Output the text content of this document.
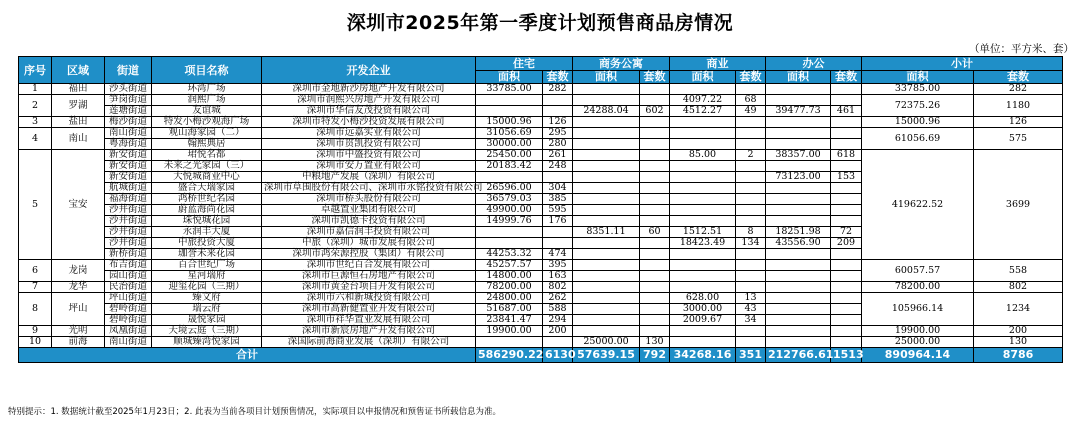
深圳市2025年第一季度计划预售商品房情况
（单位：平方米、套）
序号	区域	街道	项目名称	开发企业	住宅		商务公寓		商业		办公		小计	
					面积	套数	面积	套数	面积	套数	面积	套数	面积	套数
1	福田	沙头街道	环湾广场	深圳市金地新沙房地产开发有限公司	33785.00	282							33785.00	282
2	罗湖	笋岗街道	润熙广场	深圳市润熙兴房地产开发有限公司					4097.22	68			72375.26	1180
		莲塘街道	友谊城	深圳市华信友茂投资有限公司			24288.04	602	4512.27	49	39477.73	461		
3	盐田	梅沙街道	特发小梅沙观海广场	深圳市特发小梅沙投资发展有限公司	15000.96	126							15000.96	126
4	南山	南山街道	观山海家园（二）	深圳市远嘉实业有限公司	31056.69	295							61056.69	575
		粤海街道	翰熙典居	深圳市贯凯投资有限公司	30000.00	280								
5	宝安	新安街道	珺悦名都	深圳市中盛投资有限公司	25450.00	261			85.00	2	38357.00	618	419622.52	3699
		新安街道	未来之光家园（三）	深圳市安万置业有限公司	20183.42	248								
		新安街道	大悦城商业中心	中粮地产发展（深圳）有限公司							73123.00	153		
		航城街道	盛合天瑞家园	深圳市草围股份有限公司、深圳市永铭投资有限公司	26596.00	304								
		福海街道	鸿桥世纪名园	深圳市桥头股份有限公司	36579.03	385								
		沙井街道	蔚蓝海尚花园	卓越置业集团有限公司	49900.00	595								
		沙井街道	珠悦城花园	深圳市凯德卡投资有限公司	14999.76	176								
		沙井街道	永润丰大厦	深圳市嘉信润丰投资有限公司			8351.11	60	1512.51	8	18251.98	72		
		沙井街道	中旅投资大厦	中旅（深圳）城市发展有限公司					18423.49	134	43556.90	209		
		新桥街道	珈誉未来花园	深圳市鸿荣源控股（集团）有限公司	44253.32	474								
6	龙岗	布吉街道	百合世纪广场	深圳市世纪百合发展有限公司	45257.57	395							60057.57	558
		园山街道	星河瑞府	深圳市巨源恒石房地产有限公司	14800.00	163								
7	龙华	民治街道	迎玺花园（三期）	深圳市黄金台项目开发有限公司	78200.00	802							78200.00	802
8	坪山	坪山街道	臻文府	深圳市六和新城投资有限公司	24800.00	262			628.00	13			105966.14	1234
		碧岭街道	瑞云府	深圳市高新健置业开发有限公司	51687.00	588			3000.00	43				
		碧岭街道	晟悦家园	深圳市祥华置业发展有限公司	23841.47	294			2009.67	34				
9	光明	凤凰街道	天境云庭（三期）	深圳市新宸房地产开发有限公司	19900.00	200							19900.00	200
10	前海	南山街道	顺城臻湾悦家园	深国际前海商业发展（深圳）有限公司			25000.00	130					25000.00	130
合计					586290.22	6130	57639.15	792	34268.16	351	212766.61	1513	890964.14	8786
特别提示：1. 数据统计截至2025年1月23日；2. 此表为当前各项目计划预售情况，实际项目以申报情况和预售证书所载信息为准。
